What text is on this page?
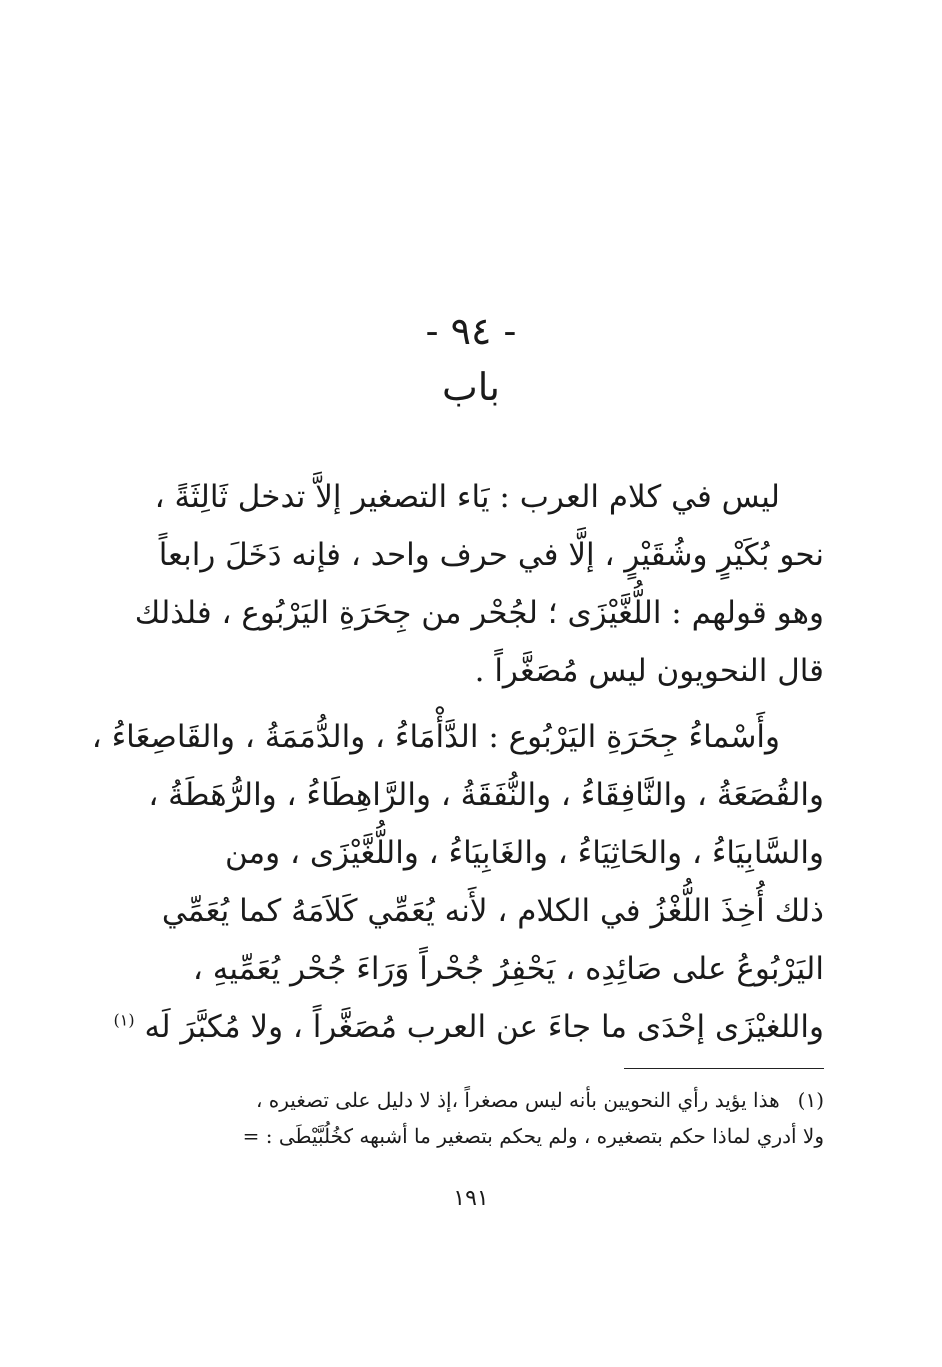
- ٩٤ -
باب
ليس في كلام العرب : يَاء التصغير إلاَّ تدخل ثَالِثَةً ،
نحو بُكَيْرٍ وشُقَيْرٍ ، إلَّا في حرف واحد ، فإنه دَخَلَ رابعاً
وهو قولهم : اللُّغَّيْزَى ؛ لجُحْر من جِحَرَةِ اليَرْبُوع ، فلذلك
قال النحويون ليس مُصَغَّراً .
وأَسْماءُ جِحَرَةِ اليَرْبُوع : الدَّأْمَاءُ ، والدُّمَمَةُ ، والقَاصِعَاءُ ،
والقُصَعَةُ ، والنَّافِقَاءُ ، والنُّفَقَةُ ، والرَّاهِطَاءُ ، والرُّهَطَةُ ،
والسَّابِيَاءُ ، والحَاثِيَاءُ ، والغَابِيَاءُ ، واللُّغَّيْزَى ، ومن
ذلك أُخِذَ اللُّغْزُ في الكلام ، لأَنه يُعَمِّي كَلاَمَهُ كما يُعَمِّي
اليَرْبُوعُ على صَائِدِه ، يَحْفِرُ جُحْراً وَرَاءَ جُحْر يُعَمِّيهِ ،
واللغيْزَى إحْدَى ما جاءَ عن العرب مُصَغَّراً ، ولا مُكبَّرَ لَه $^{(١)}$
(١)هذا يؤيد رأي النحويين بأنه ليس مصغراً ،إذ لا دليل على تصغيره ،
ولا أدري لماذا حكم بتصغيره ، ولم يحكم بتصغير ما أشبهه كخُلُبَّيْطَى : =
١٩١
